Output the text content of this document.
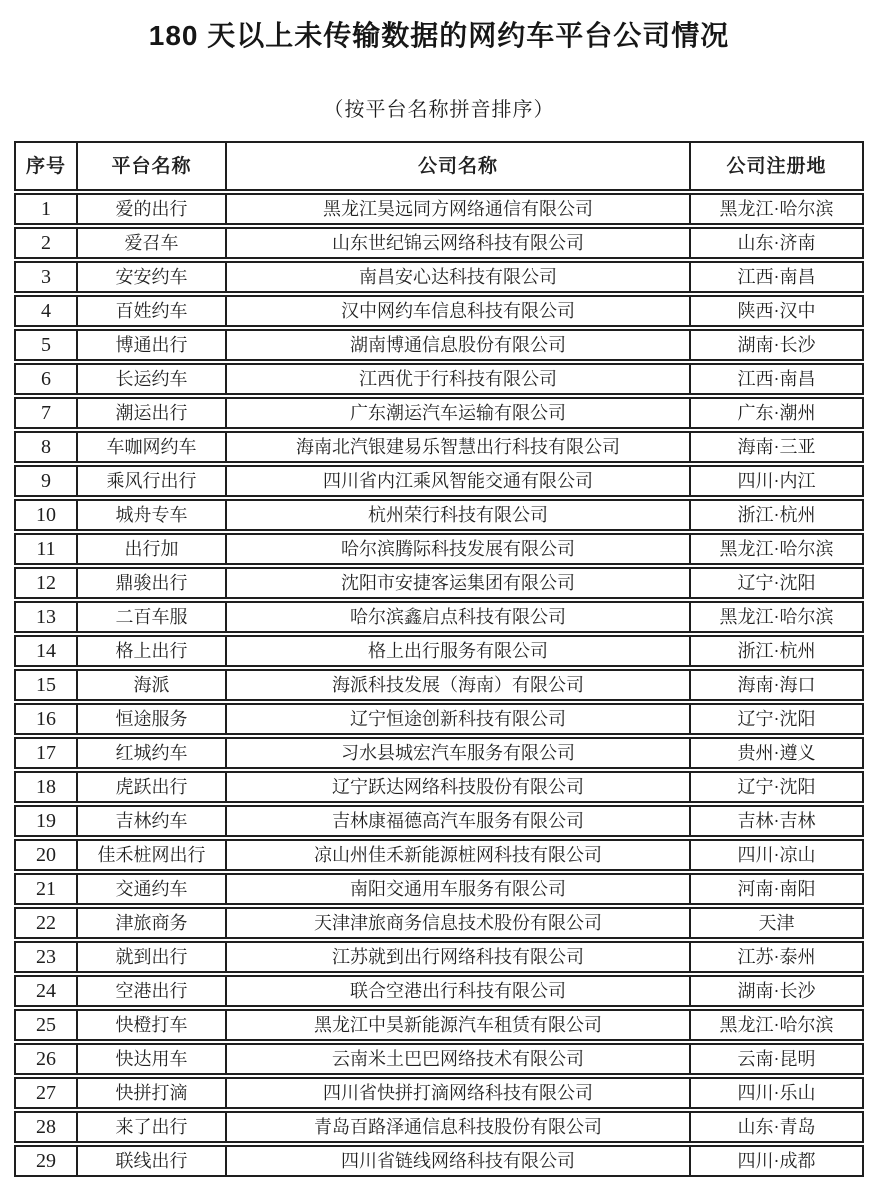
180 天以上未传输数据的网约车平台公司情况
（按平台名称拼音排序）
序号	平台名称	公司名称	公司注册地
1	爱的出行	黑龙江昊远同方网络通信有限公司	黑龙江·哈尔滨
2	爱召车	山东世纪锦云网络科技有限公司	山东·济南
3	安安约车	南昌安心达科技有限公司	江西·南昌
4	百姓约车	汉中网约车信息科技有限公司	陕西·汉中
5	博通出行	湖南博通信息股份有限公司	湖南·长沙
6	长运约车	江西优于行科技有限公司	江西·南昌
7	潮运出行	广东潮运汽车运输有限公司	广东·潮州
8	车咖网约车	海南北汽银建易乐智慧出行科技有限公司	海南·三亚
9	乘风行出行	四川省内江乘风智能交通有限公司	四川·内江
10	城舟专车	杭州荣行科技有限公司	浙江·杭州
11	出行加	哈尔滨腾际科技发展有限公司	黑龙江·哈尔滨
12	鼎骏出行	沈阳市安捷客运集团有限公司	辽宁·沈阳
13	二百车服	哈尔滨鑫启点科技有限公司	黑龙江·哈尔滨
14	格上出行	格上出行服务有限公司	浙江·杭州
15	海派	海派科技发展（海南）有限公司	海南·海口
16	恒途服务	辽宁恒途创新科技有限公司	辽宁·沈阳
17	红城约车	习水县城宏汽车服务有限公司	贵州·遵义
18	虎跃出行	辽宁跃达网络科技股份有限公司	辽宁·沈阳
19	吉林约车	吉林康福德高汽车服务有限公司	吉林·吉林
20	佳禾桩网出行	凉山州佳禾新能源桩网科技有限公司	四川·凉山
21	交通约车	南阳交通用车服务有限公司	河南·南阳
22	津旅商务	天津津旅商务信息技术股份有限公司	天津
23	就到出行	江苏就到出行网络科技有限公司	江苏·泰州
24	空港出行	联合空港出行科技有限公司	湖南·长沙
25	快橙打车	黑龙江中昊新能源汽车租赁有限公司	黑龙江·哈尔滨
26	快达用车	云南米土巴巴网络技术有限公司	云南·昆明
27	快拼打滴	四川省快拼打滴网络科技有限公司	四川·乐山
28	来了出行	青岛百路泽通信息科技股份有限公司	山东·青岛
29	联线出行	四川省链线网络科技有限公司	四川·成都
